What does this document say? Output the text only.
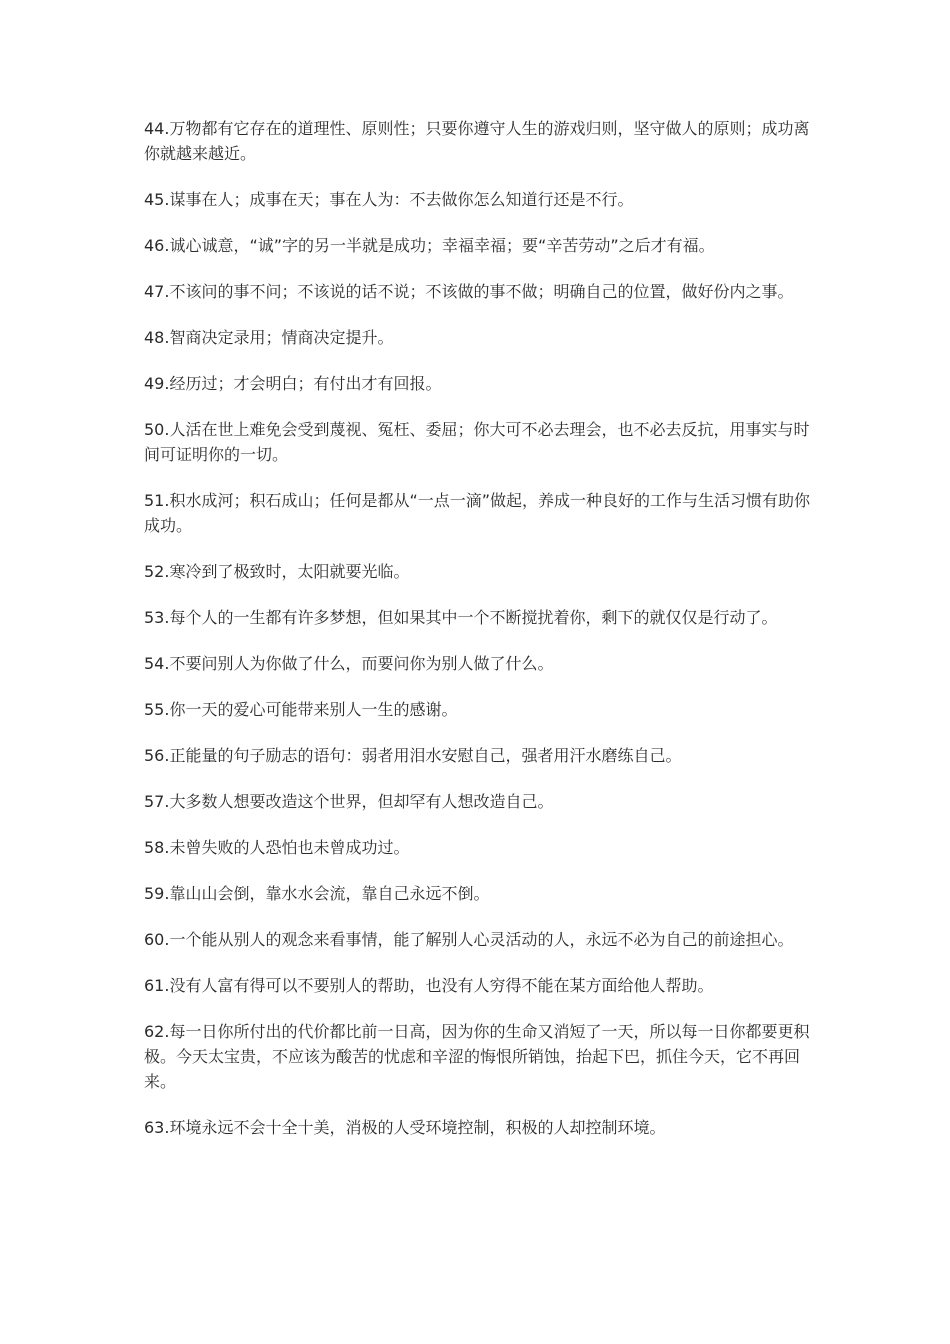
44.万物都有它存在的道理性、原则性；只要你遵守人生的游戏归则，坚守做人的原则；成功离你就越来越近。

45.谋事在人；成事在天；事在人为：不去做你怎么知道行还是不行。

46.诚心诚意，“诚”字的另一半就是成功；幸福幸福；要“辛苦劳动”之后才有福。

47.不该问的事不问；不该说的话不说；不该做的事不做；明确自己的位置，做好份内之事。

48.智商决定录用；情商决定提升。

49.经历过；才会明白；有付出才有回报。

50.人活在世上难免会受到蔑视、冤枉、委屈；你大可不必去理会，也不必去反抗，用事实与时间可证明你的一切。

51.积水成河；积石成山；任何是都从“一点一滴”做起，养成一种良好的工作与生活习惯有助你成功。

52.寒冷到了极致时，太阳就要光临。

53.每个人的一生都有许多梦想，但如果其中一个不断搅扰着你，剩下的就仅仅是行动了。

54.不要问别人为你做了什么，而要问你为别人做了什么。

55.你一天的爱心可能带来别人一生的感谢。

56.正能量的句子励志的语句：弱者用泪水安慰自己，强者用汗水磨练自己。

57.大多数人想要改造这个世界，但却罕有人想改造自己。

58.未曾失败的人恐怕也未曾成功过。

59.靠山山会倒，靠水水会流，靠自己永远不倒。

60.一个能从别人的观念来看事情，能了解别人心灵活动的人，永远不必为自己的前途担心。

61.没有人富有得可以不要别人的帮助，也没有人穷得不能在某方面给他人帮助。

62.每一日你所付出的代价都比前一日高，因为你的生命又消短了一天，所以每一日你都要更积极。今天太宝贵，不应该为酸苦的忧虑和辛涩的悔恨所销蚀，抬起下巴，抓住今天，它不再回来。

63.环境永远不会十全十美，消极的人受环境控制，积极的人却控制环境。
